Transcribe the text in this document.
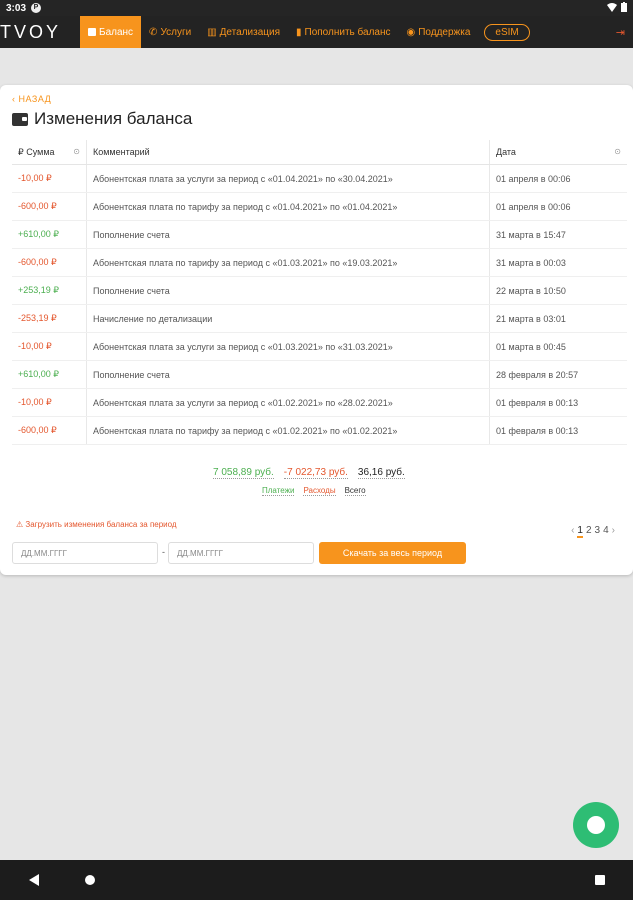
3:03	P
TVOY	Баланс ✆ Услуги ▥ Детализация ▮ Пополнить баланс ◉ Поддержка	eSIM	⇥
‹ НАЗАД
Изменения баланса
₽ Сумма ⊙	Комментарий	Дата ⊙

-10,00 ₽	Абонентская плата за услуги за период с «01.04.2021» по «30.04.2021»	01 апреля в 00:06
-600,00 ₽	Абонентская плата по тарифу за период с «01.04.2021» по «01.04.2021»	01 апреля в 00:06
+610,00 ₽	Пополнение счета	31 марта в 15:47
-600,00 ₽	Абонентская плата по тарифу за период с «01.03.2021» по «19.03.2021»	31 марта в 00:03
+253,19 ₽	Пополнение счета	22 марта в 10:50
-253,19 ₽	Начисление по детализации	21 марта в 03:01
-10,00 ₽	Абонентская плата за услуги за период с «01.03.2021» по «31.03.2021»	01 марта в 00:45
+610,00 ₽	Пополнение счета	28 февраля в 20:57
-10,00 ₽	Абонентская плата за услуги за период с «01.02.2021» по «28.02.2021»	01 февраля в 00:13
-600,00 ₽	Абонентская плата по тарифу за период с «01.02.2021» по «01.02.2021»	01 февраля в 00:13
7 058,89 руб. -7 022,73 руб. 36,16 руб.
Платежи Расходы Всего
⚠ Загрузить изменения баланса за период
‹ 1 2 3 4 ›
ДД.ММ.ГГГГ	-	ДД.ММ.ГГГГ	Скачать за весь период
